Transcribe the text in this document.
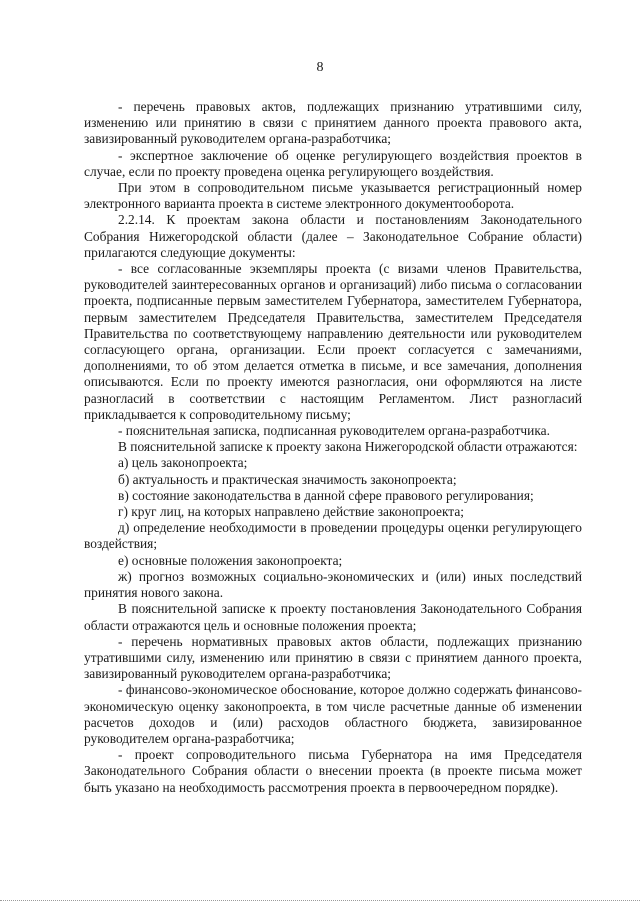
8

- перечень правовых актов, подлежащих признанию утратившими силу, изменению или принятию в связи с принятием данного проекта правового акта, завизированный руководителем органа-разработчика;

- экспертное заключение об оценке регулирующего воздействия проектов в случае, если по проекту проведена оценка регулирующего воздействия.

При этом в сопроводительном письме указывается регистрационный номер электронного варианта проекта в системе электронного документооборота.

2.2.14. К проектам закона области и постановлениям Законодательного Собрания Нижегородской области (далее – Законодательное Собрание области) прилагаются следующие документы:

- все согласованные экземпляры проекта (с визами членов Правительства, руководителей заинтересованных органов и организаций) либо письма о согласовании проекта, подписанные первым заместителем Губернатора, заместителем Губернатора, первым заместителем Председателя Правительства, заместителем Председателя Правительства по соответствующему направлению деятельности или руководителем согласующего органа, организации. Если проект согласуется с замечаниями, дополнениями, то об этом делается отметка в письме, и все замечания, дополнения описываются. Если по проекту имеются разногласия, они оформляются на листе разногласий в соответствии с настоящим Регламентом. Лист разногласий прикладывается к сопроводительному письму;

- пояснительная записка, подписанная руководителем органа-разработчика.

В пояснительной записке к проекту закона Нижегородской области отражаются:

а) цель законопроекта;

б) актуальность и практическая значимость законопроекта;

в) состояние законодательства в данной сфере правового регулирования;

г) круг лиц, на которых направлено действие законопроекта;

д) определение необходимости в проведении процедуры оценки регулирующего воздействия;

е) основные положения законопроекта;

ж) прогноз возможных социально-экономических и (или) иных последствий принятия нового закона.

В пояснительной записке к проекту постановления Законодательного Собрания области отражаются цель и основные положения проекта;

- перечень нормативных правовых актов области, подлежащих признанию утратившими силу, изменению или принятию в связи с принятием данного проекта, завизированный руководителем органа-разработчика;

- финансово-экономическое обоснование, которое должно содержать финансово-экономическую оценку законопроекта, в том числе расчетные данные об изменении расчетов доходов и (или) расходов областного бюджета, завизированное руководителем органа-разработчика;

- проект сопроводительного письма Губернатора на имя Председателя Законодательного Собрания области о внесении проекта (в проекте письма может быть указано на необходимость рассмотрения проекта в первоочередном порядке).
